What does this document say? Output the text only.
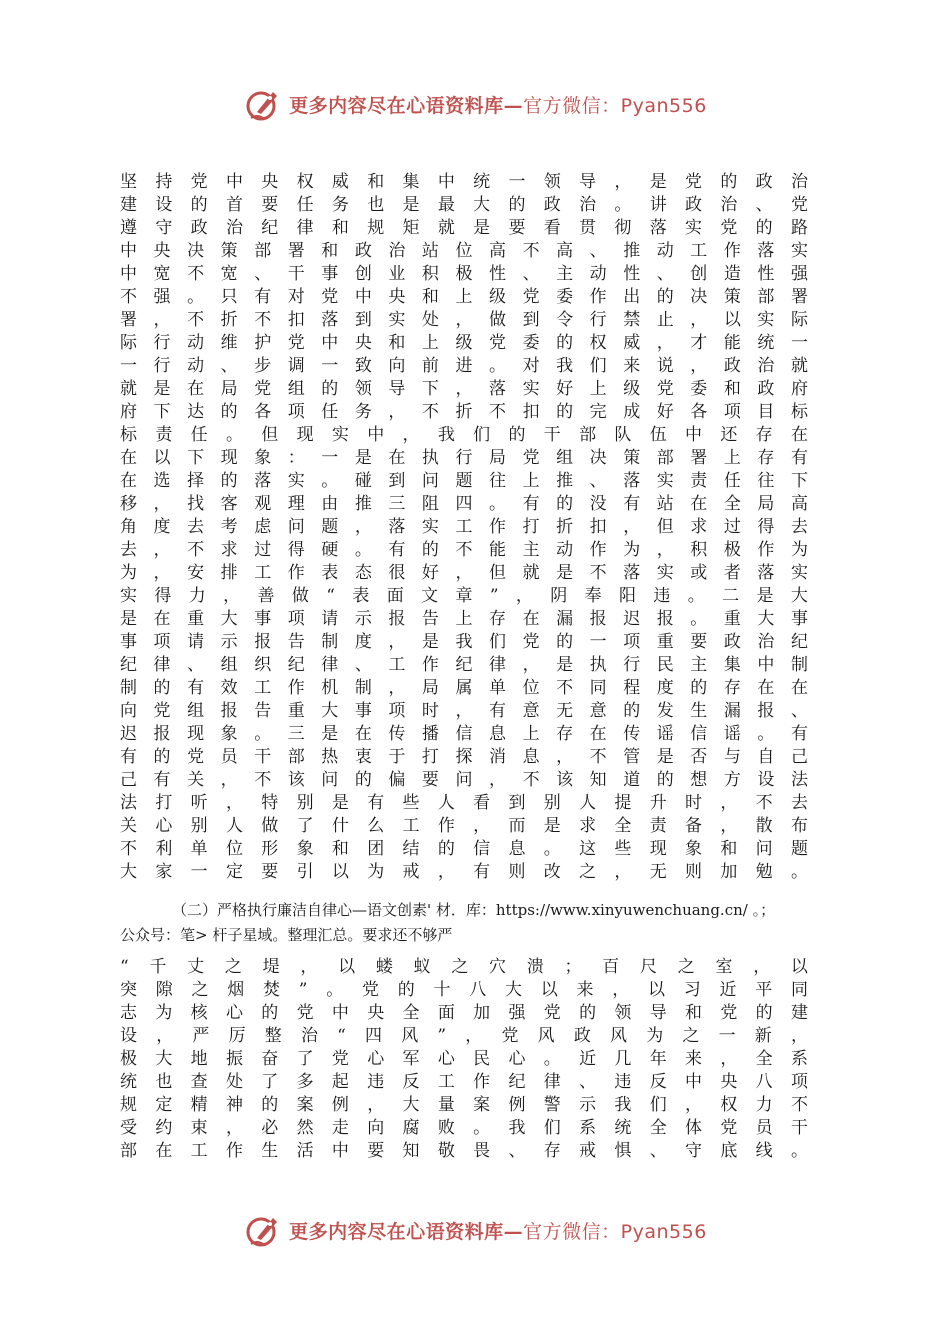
更多内容尽在心语资料库—官方微信：Pyan556
坚 持 党 中 央 权 威 和 集 中 统 一 领 导 ， 是 党 的 政 治
建 设 的 首 要 任 务 也 是 最 大 的 政 治 。 讲 政 治 、 党
遵 守 政 治 纪 律 和 规 矩 就 是 要 看 贯 彻 落 实 党 的 路
中 央 决 策 部 署 和 政 治 站 位 高 不 高 、 推 动 工 作 落 实
中 宽 不 宽 、 干 事 创 业 积 极 性 、 主 动 性 、 创 造 性 强
不 强 。 只 有 对 党 中 央 和 上 级 党 委 作 出 的 决 策 部 署
署 ， 不 折 不 扣 落 到 实 处 ， 做 到 令 行 禁 止 ， 以 实 际
际 行 动 维 护 党 中 央 和 上 级 党 委 的 权 威 ， 才 能 统 一
一 行 动 、 步 调 一 致 向 前 进 。 对 我 们 来 说 ， 政 治 就
就 是 在 局 党 组 的 领 导 下 ， 落 实 好 上 级 党 委 和 政 府
府 下 达 的 各 项 任 务 ， 不 折 不 扣 的 完 成 好 各 项 目 标
标 责 任 。 但 现 实 中 ， 我 们 的 干 部 队 伍 中 还 存 在
在 以 下 现 象 ： 一 是 在 执 行 局 党 组 决 策 部 署 上 存 有
在 选 择 的 落 实 。 碰 到 问 题 往 上 推 、 落 实 责 任 往 下
移 ， 找 客 观 理 由 推 三 阻 四 。 有 的 没 有 站 在 全 局 高
角 度 去 考 虑 问 题 ， 落 实 工 作 打 折 扣 ， 但 求 过 得 去
去 ， 不 求 过 得 硬 。 有 的 不 能 主 动 作 为 ， 积 极 作 为
为 ， 安 排 工 作 表 态 很 好 ， 但 就 是 不 落 实 或 者 落 实
实 得 力 ， 善 做 “ 表 面 文 章 ” ， 阴 奉 阳 违 。 二 是 大
是 在 重 大 事 项 请 示 报 告 上 存 在 漏 报 迟 报 。 重 大 事
事 项 请 示 报 告 制 度 ， 是 我 们 党 的 一 项 重 要 政 治 纪
纪 律 、 组 织 纪 律 、 工 作 纪 律 ， 是 执 行 民 主 集 中 制
制 的 有 效 工 作 机 制 ， 局 属 单 位 不 同 程 度 的 存 在 在
向 党 组 报 告 重 大 事 项 时 ， 有 意 无 意 的 发 生 漏 报 、
迟 报 现 象 。 三 是 在 传 播 信 息 上 存 在 传 谣 信 谣 。 有
有 的 党 员 干 部 热 衷 于 打 探 消 息 ， 不 管 是 否 与 自 己
己 有 关 ， 不 该 问 的 偏 要 问 ， 不 该 知 道 的 想 方 设 法
法 打 听 ， 特 别 是 有 些 人 看 到 别 人 提 升 时 ， 不 去
关 心 别 人 做 了 什 么 工 作 ， 而 是 求 全 责 备 ， 散 布
不 利 单 位 形 象 和 团 结 的 信 息 。 这 些 现 象 和 问 题
大 家 一 定 要 引 以 为 戒 ， 有 则 改 之 ， 无 则 加 勉 。
（二）严格执行廉洁自律心—语文创素' 材．库：https://www.xinyuwenchuang.cn/ 。；
公众号：笔> 杆子星域。整理汇总。要求还不够严
“ 千 丈 之 堤 ， 以 蝼 蚁 之 穴 溃 ； 百 尺 之 室 ， 以
突 隙 之 烟 焚 ” 。 党 的 十 八 大 以 来 ， 以 习 近 平 同
志 为 核 心 的 党 中 央 全 面 加 强 党 的 领 导 和 党 的 建
设 ， 严 厉 整 治 “ 四 风 ” ， 党 风 政 风 为 之 一 新 ，
极 大 地 振 奋 了 党 心 军 心 民 心 。 近 几 年 来 ， 全 系
统 也 查 处 了 多 起 违 反 工 作 纪 律 、 违 反 中 央 八 项
规 定 精 神 的 案 例 ， 大 量 案 例 警 示 我 们 ， 权 力 不
受 约 束 ， 必 然 走 向 腐 败 。 我 们 系 统 全 体 党 员 干
部 在 工 作 生 活 中 要 知 敬 畏 、 存 戒 惧 、 守 底 线 。
更多内容尽在心语资料库—官方微信：Pyan556
